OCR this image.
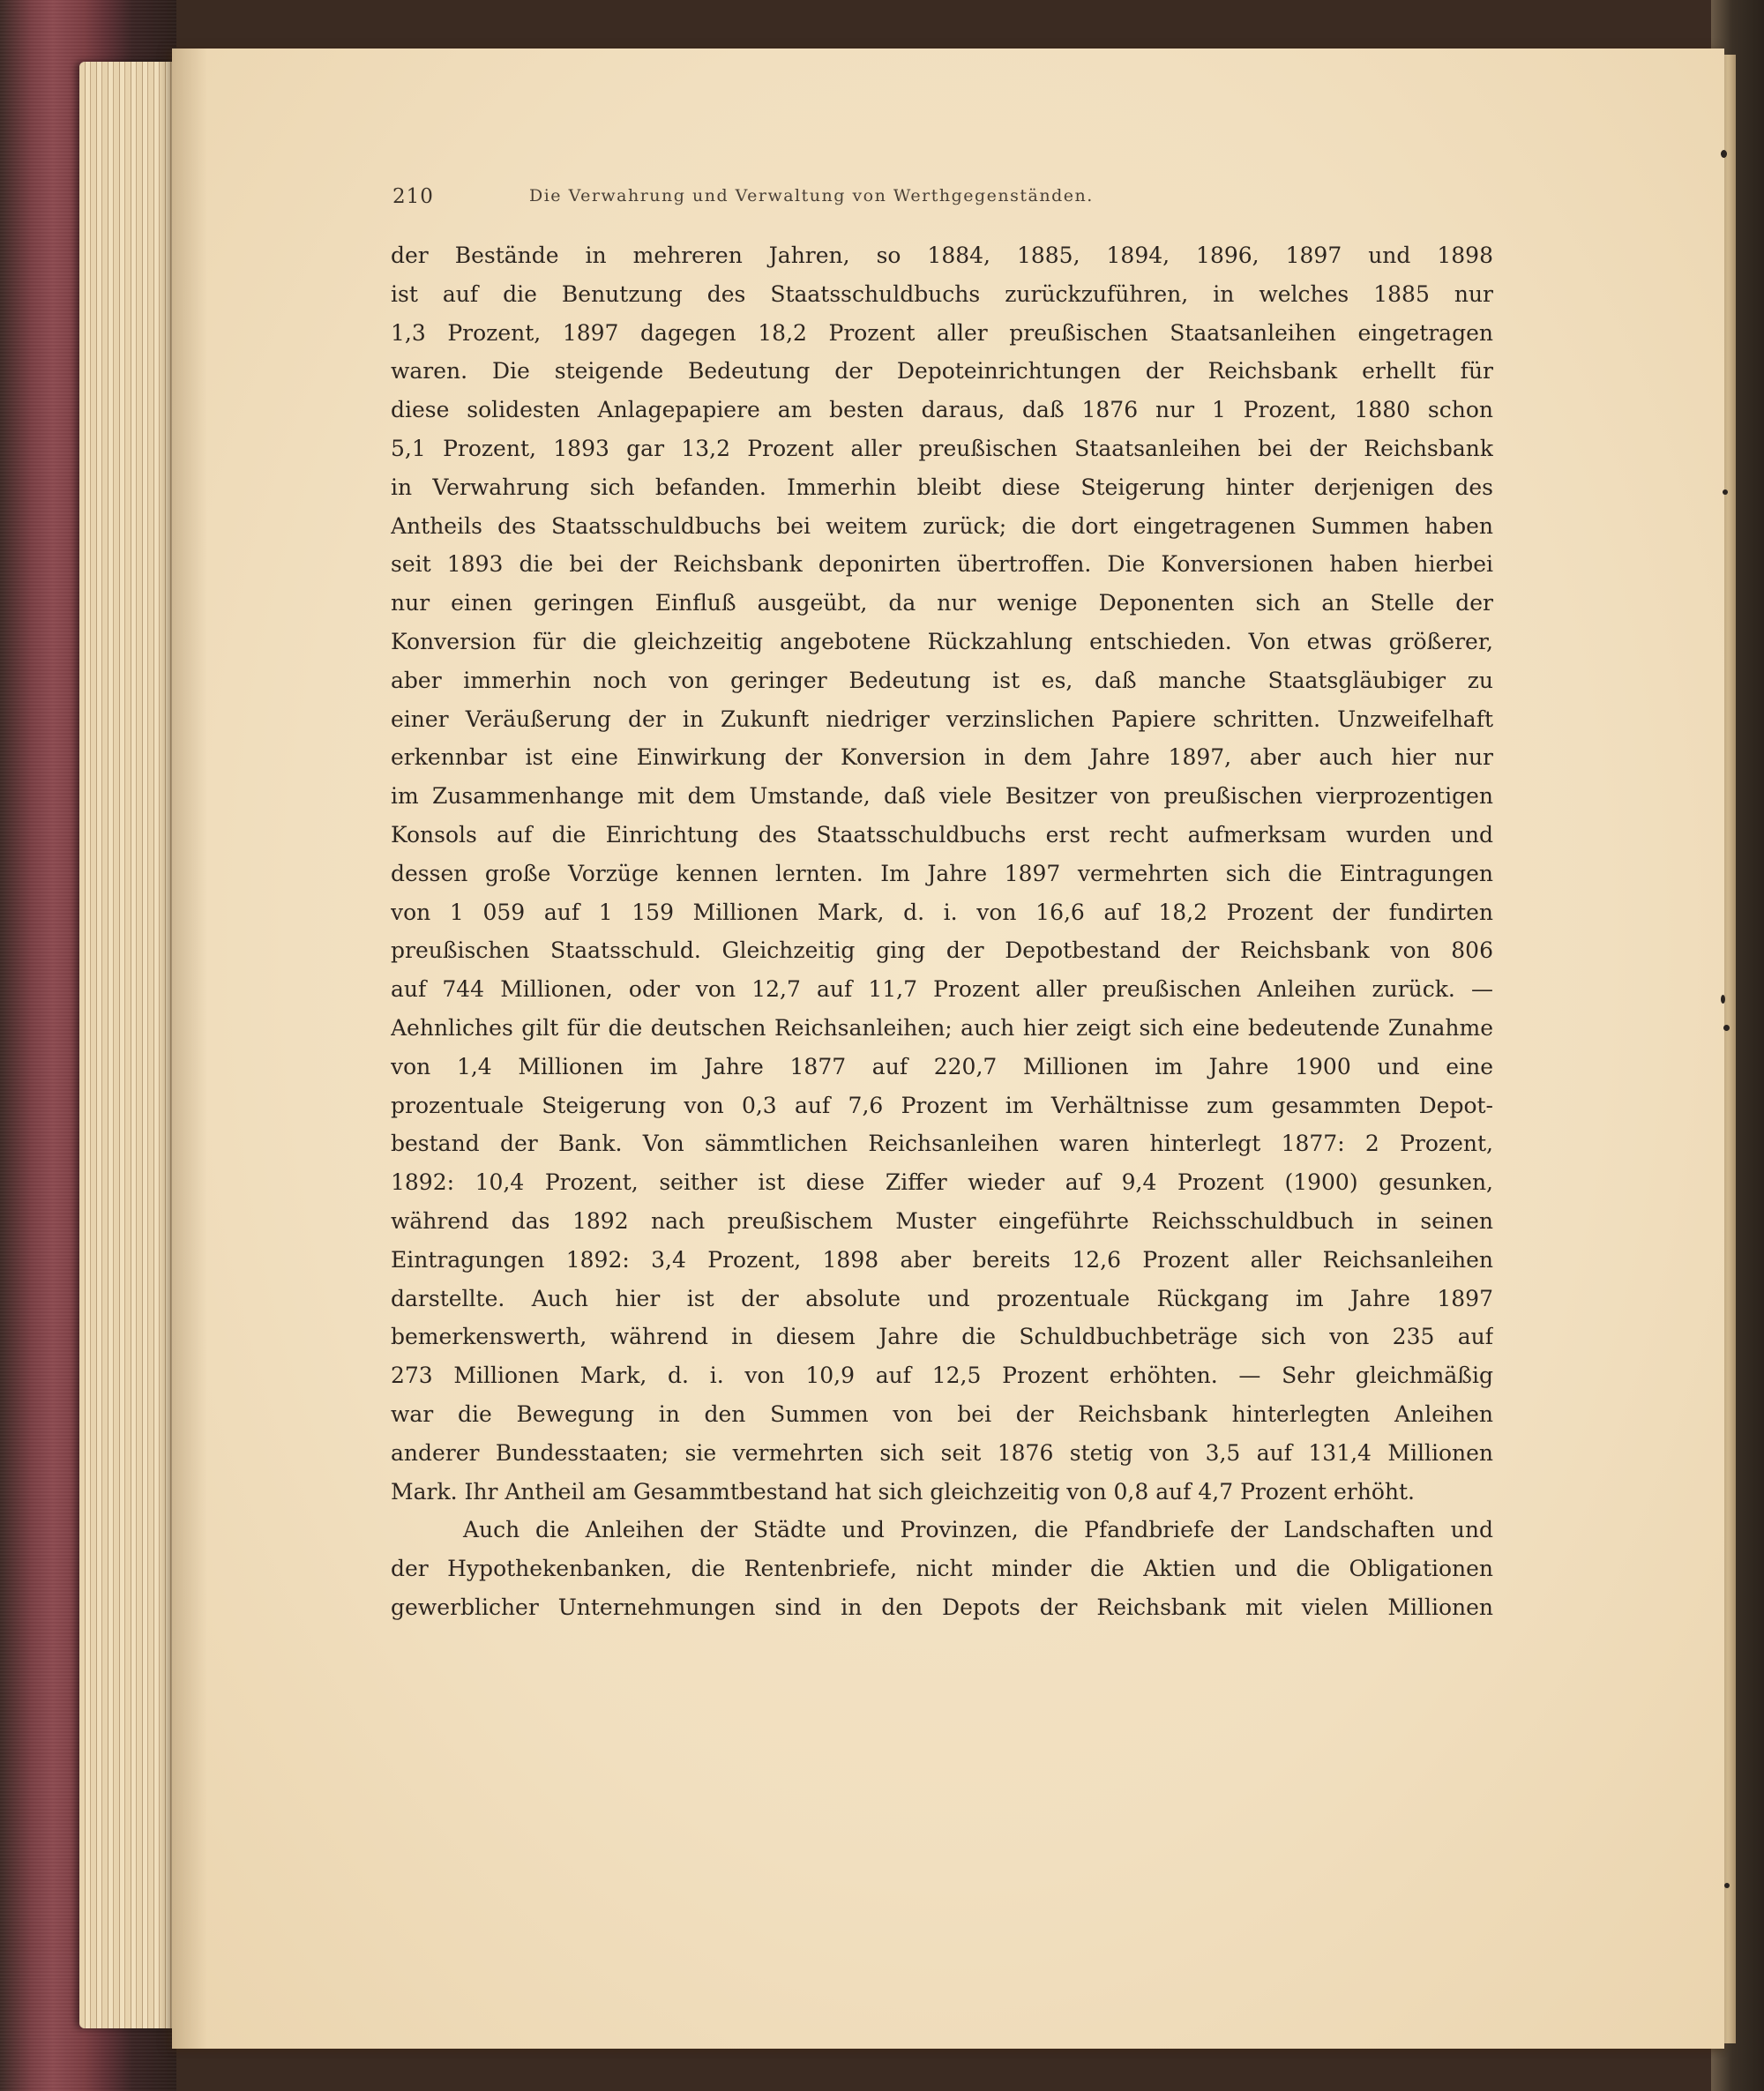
210	Die Verwahrung und Verwaltung von Werthgegenständen.
der Bestände in mehreren Jahren, so 1884, 1885, 1894, 1896, 1897 und 1898
ist auf die Benutzung des Staatsschuldbuchs zurückzuführen, in welches 1885 nur
1,3 Prozent, 1897 dagegen 18,2 Prozent aller preußischen Staatsanleihen eingetragen
waren. Die steigende Bedeutung der Depoteinrichtungen der Reichsbank erhellt für
diese solidesten Anlagepapiere am besten daraus, daß 1876 nur 1 Prozent, 1880 schon
5,1 Prozent, 1893 gar 13,2 Prozent aller preußischen Staatsanleihen bei der Reichsbank
in Verwahrung sich befanden. Immerhin bleibt diese Steigerung hinter derjenigen des
Antheils des Staatsschuldbuchs bei weitem zurück; die dort eingetragenen Summen haben
seit 1893 die bei der Reichsbank deponirten übertroffen. Die Konversionen haben hierbei
nur einen geringen Einfluß ausgeübt, da nur wenige Deponenten sich an Stelle der
Konversion für die gleichzeitig angebotene Rückzahlung entschieden. Von etwas größerer,
aber immerhin noch von geringer Bedeutung ist es, daß manche Staatsgläubiger zu
einer Veräußerung der in Zukunft niedriger verzinslichen Papiere schritten. Unzweifelhaft
erkennbar ist eine Einwirkung der Konversion in dem Jahre 1897, aber auch hier nur
im Zusammenhange mit dem Umstande, daß viele Besitzer von preußischen vierprozentigen
Konsols auf die Einrichtung des Staatsschuldbuchs erst recht aufmerksam wurden und
dessen große Vorzüge kennen lernten. Im Jahre 1897 vermehrten sich die Eintragungen
von 1 059 auf 1 159 Millionen Mark, d. i. von 16,6 auf 18,2 Prozent der fundirten
preußischen Staatsschuld. Gleichzeitig ging der Depotbestand der Reichsbank von 806
auf 744 Millionen, oder von 12,7 auf 11,7 Prozent aller preußischen Anleihen zurück. —
Aehnliches gilt für die deutschen Reichsanleihen; auch hier zeigt sich eine bedeutende Zunahme
von 1,4 Millionen im Jahre 1877 auf 220,7 Millionen im Jahre 1900 und eine
prozentuale Steigerung von 0,3 auf 7,6 Prozent im Verhältnisse zum gesammten Depot-
bestand der Bank. Von sämmtlichen Reichsanleihen waren hinterlegt 1877: 2 Prozent,
1892: 10,4 Prozent, seither ist diese Ziffer wieder auf 9,4 Prozent (1900) gesunken,
während das 1892 nach preußischem Muster eingeführte Reichsschuldbuch in seinen
Eintragungen 1892: 3,4 Prozent, 1898 aber bereits 12,6 Prozent aller Reichsanleihen
darstellte. Auch hier ist der absolute und prozentuale Rückgang im Jahre 1897
bemerkenswerth, während in diesem Jahre die Schuldbuchbeträge sich von 235 auf
273 Millionen Mark, d. i. von 10,9 auf 12,5 Prozent erhöhten. — Sehr gleichmäßig
war die Bewegung in den Summen von bei der Reichsbank hinterlegten Anleihen
anderer Bundesstaaten; sie vermehrten sich seit 1876 stetig von 3,5 auf 131,4 Millionen
Mark. Ihr Antheil am Gesammtbestand hat sich gleichzeitig von 0,8 auf 4,7 Prozent erhöht.
Auch die Anleihen der Städte und Provinzen, die Pfandbriefe der Landschaften und
der Hypothekenbanken, die Rentenbriefe, nicht minder die Aktien und die Obligationen
gewerblicher Unternehmungen sind in den Depots der Reichsbank mit vielen Millionen
